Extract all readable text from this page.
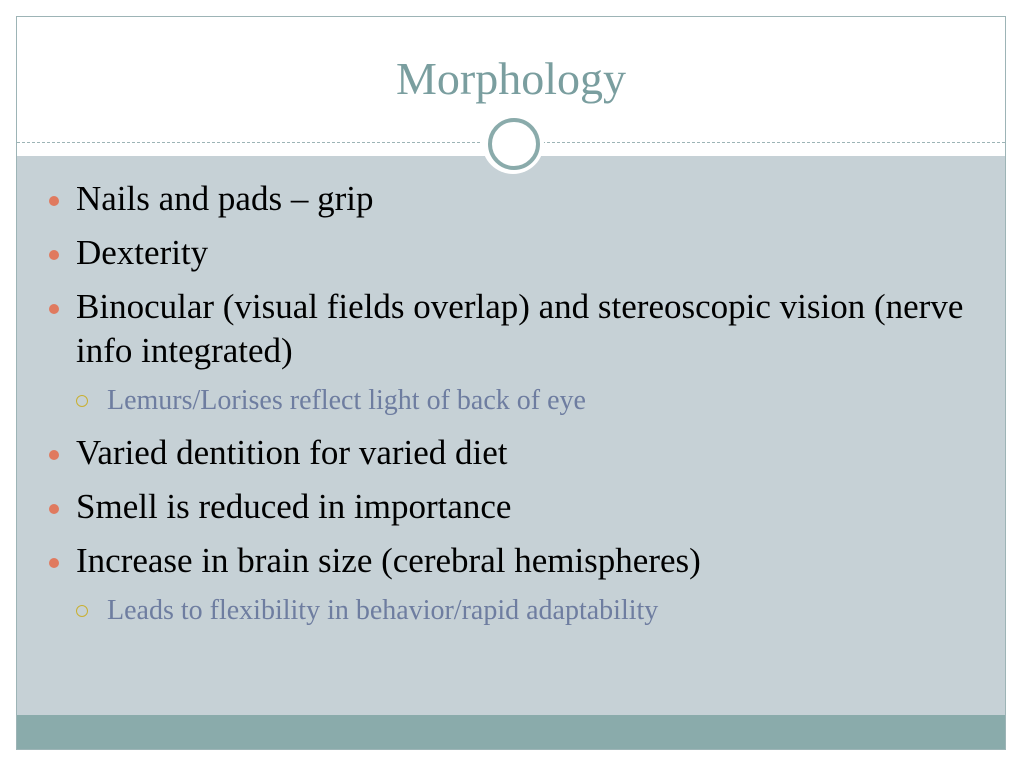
Morphology
Nails and pads – grip
Dexterity
Binocular (visual fields overlap) and stereoscopic vision (nerve info integrated)
Lemurs/Lorises reflect light of back of eye
Varied dentition for varied diet
Smell is reduced in importance
Increase in brain size (cerebral hemispheres)
Leads to flexibility in behavior/rapid adaptability
